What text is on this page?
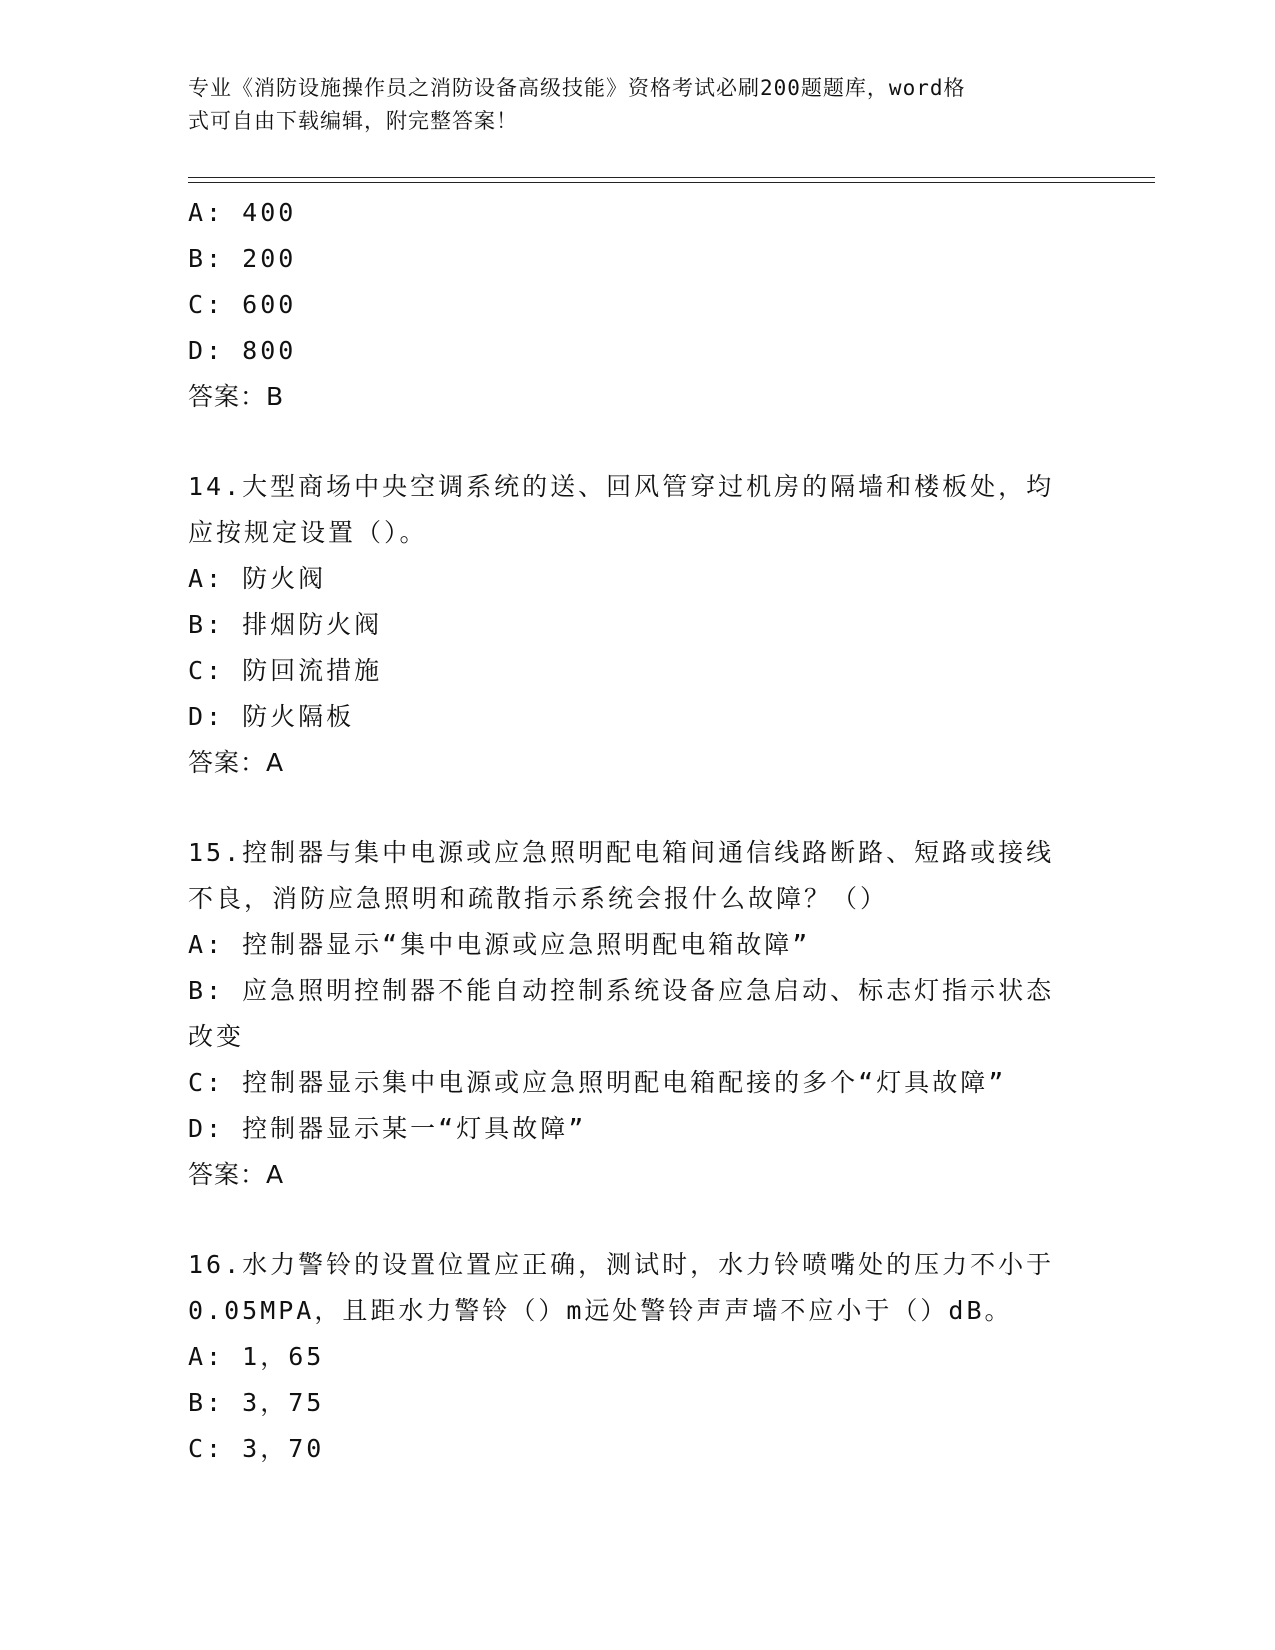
专业《消防设施操作员之消防设备高级技能》资格考试必刷200题题库，word格
式可自由下载编辑，附完整答案！
A: 400
B: 200
C: 600
D: 800
答案：B
14.大型商场中央空调系统的送、回风管穿过机房的隔墙和楼板处，均
应按规定设置（）。
A: 防火阀
B: 排烟防火阀
C: 防回流措施
D: 防火隔板
答案：A
15.控制器与集中电源或应急照明配电箱间通信线路断路、短路或接线
不良，消防应急照明和疏散指示系统会报什么故障？（）
A: 控制器显示“集中电源或应急照明配电箱故障”
B: 应急照明控制器不能自动控制系统设备应急启动、标志灯指示状态
改变
C: 控制器显示集中电源或应急照明配电箱配接的多个“灯具故障”
D: 控制器显示某一“灯具故障”
答案：A
16.水力警铃的设置位置应正确，测试时，水力铃喷嘴处的压力不小于
0.05MPA，且距水力警铃（）m远处警铃声声墙不应小于（）dB。
A: 1，65
B: 3，75
C: 3，70
